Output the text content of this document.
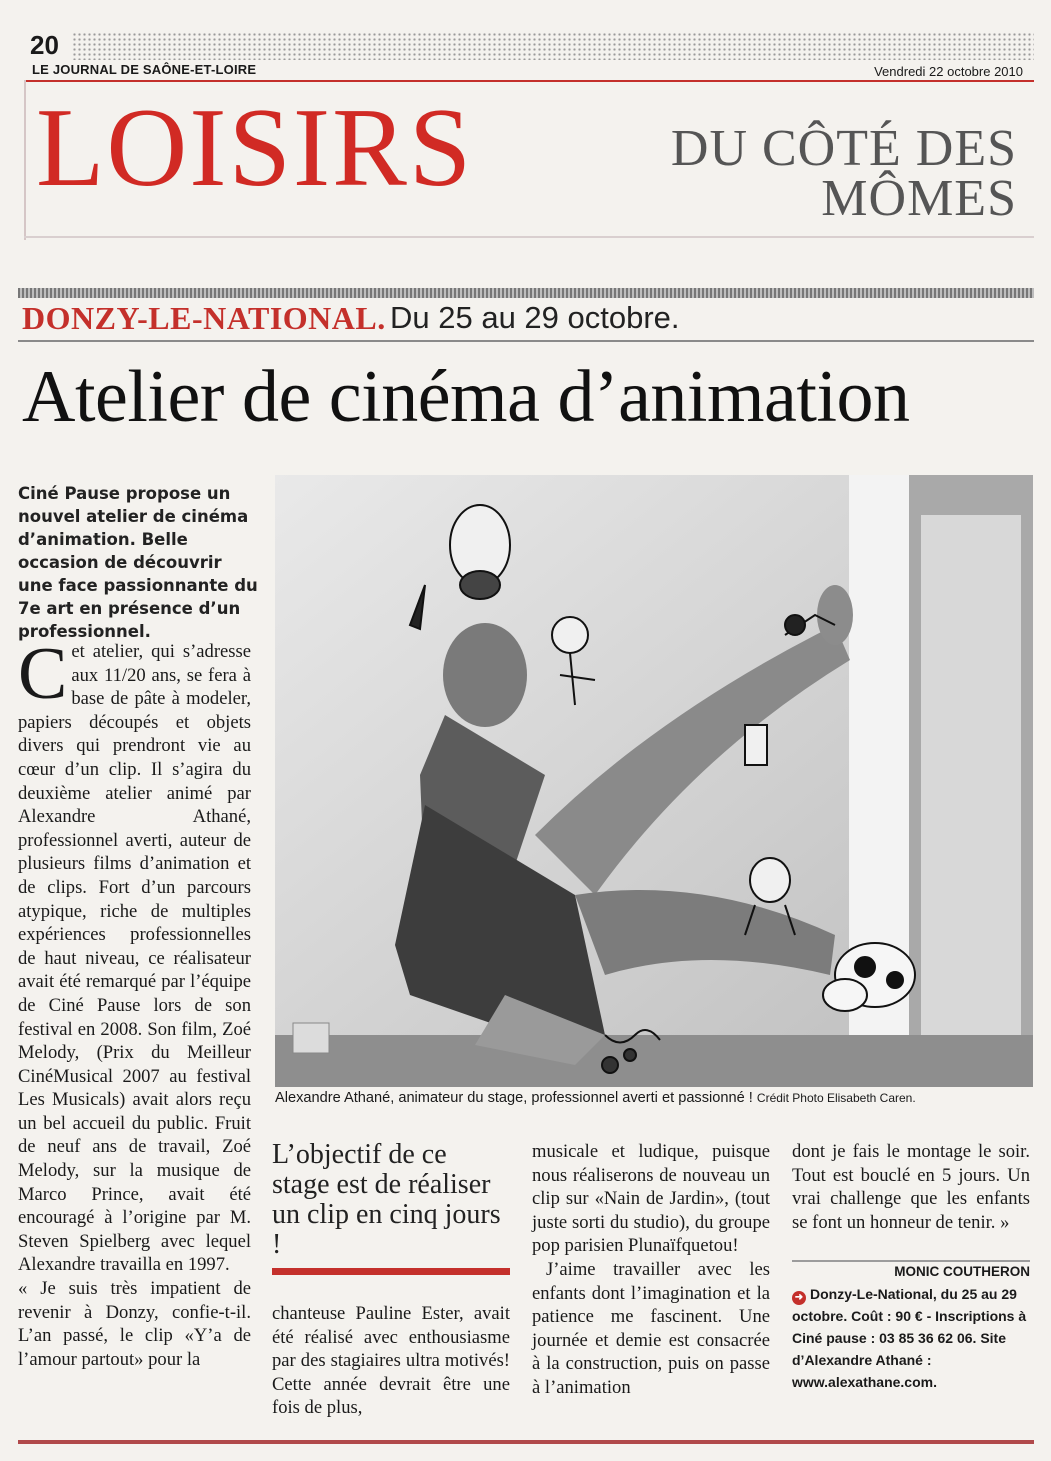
20
LE JOURNAL DE SAÔNE-ET-LOIRE	Vendredi 22 octobre 2010
LOISIRS	DU CÔTÉ DES
MÔMES
DONZY-LE-NATIONAL. Du 25 au 29 octobre.
Atelier de cinéma d’animation

Ciné Pause propose un nouvel atelier de cinéma d’animation. Belle occasion de découvrir une face passionnante du 7e art en présence d’un professionnel.

Cet atelier, qui s’adresse aux 11/20 ans, se fera à base de pâte à modeler, papiers découpés et objets divers qui prendront vie au cœur d’un clip. Il s’agira du deuxième atelier animé par Alexandre Athané, professionnel averti, auteur de plusieurs films d’animation et de clips. Fort d’un parcours atypique, riche de multiples expériences professionnelles de haut niveau, ce réalisateur avait été remarqué par l’équipe de Ciné Pause lors de son festival en 2008. Son film, Zoé Melody, (Prix du Meilleur CinéMusical 2007 au festival Les Musicals) avait alors reçu un bel accueil du public. Fruit de neuf ans de travail, Zoé Melody, sur la musique de Marco Prince, avait été encouragé à l’origine par M. Steven Spielberg avec lequel Alexandre travailla en 1997.

« Je suis très impatient de revenir à Donzy, confie-t-il. L’an passé, le clip «Y’a de l’amour partout» pour la

Alexandre Athané, animateur du stage, professionnel averti et passionné ! Crédit Photo Elisabeth Caren.
L’objectif de ce stage est de réaliser un clip en cinq jours !

chanteuse Pauline Ester, avait été réalisé avec enthousiasme par des stagiaires ultra motivés! Cette année devrait être une fois de plus,

musicale et ludique, puisque nous réaliserons de nouveau un clip sur «Nain de Jardin», (tout juste sorti du studio), du groupe pop parisien Plunaïfquetou!

J’aime travailler avec les enfants dont l’imagination et la patience me fascinent. Une journée et demie est consacrée à la construction, puis on passe à l’animation

dont je fais le montage le soir. Tout est bouclé en 5 jours. Un vrai challenge que les enfants se font un honneur de tenir. »

MONIC COUTHERON
➜ Donzy-Le-National, du 25 au 29 octobre. Coût : 90 € - Inscriptions à Ciné pause : 03 85 36 62 06. Site d’Alexandre Athané : www.alexathane.com.
